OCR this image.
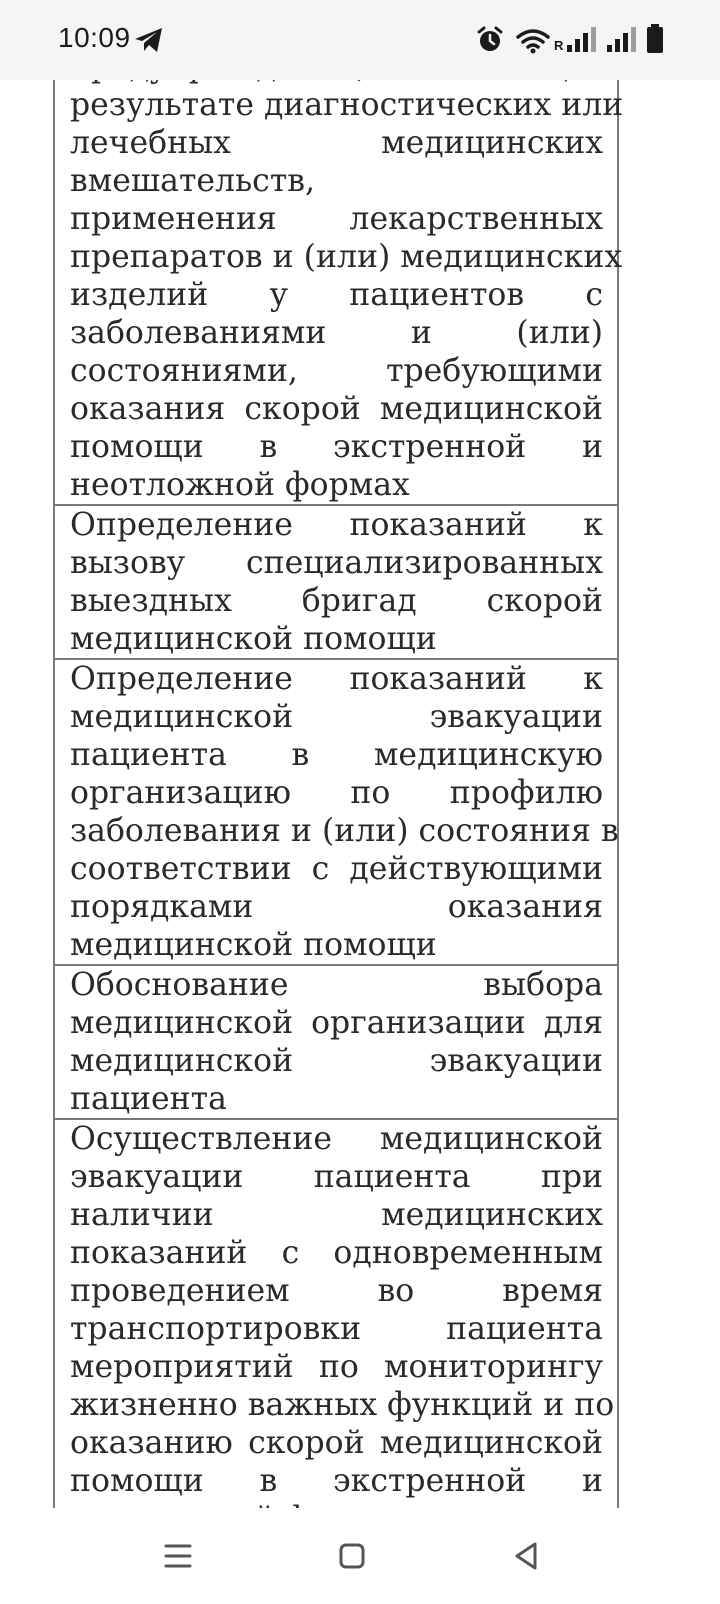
результате диагностических или
лечебных медицинских
вмешательств,
применения лекарственных
препаратов и (или) медицинских
изделий у пациентов с
заболеваниями и (или)
состояниями, требующими
оказания скорой медицинской
помощи в экстренной и
неотложной формах
Определение показаний к
вызову специализированных
выездных бригад скорой
медицинской помощи
Определение показаний к
медицинской эвакуации
пациента в медицинскую
организацию по профилю
заболевания и (или) состояния в
соответствии с действующими
порядками оказания
медицинской помощи
Обоснование выбора
медицинской организации для
медицинской эвакуации
пациента
Осуществление медицинской
эвакуации пациента при
наличии медицинских
показаний с одновременным
проведением во время
транспортировки пациента
мероприятий по мониторингу
жизненно важных функций и по
оказанию скорой медицинской
помощи в экстренной и
10:09	R
